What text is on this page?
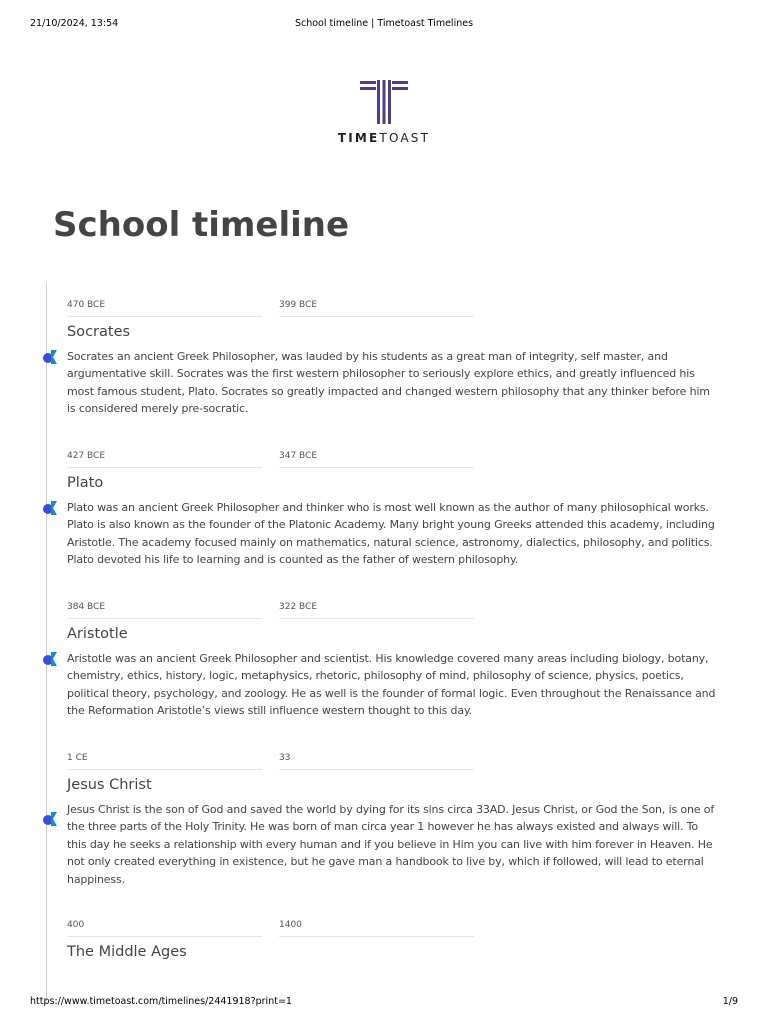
21/10/2024, 13:54	School timeline | Timetoast Timelines
TIMETOAST
School timeline
470 BCE	399 BCE
Socrates

Socrates an ancient Greek Philosopher, was lauded by his students as a great man of integrity, self master, and argumentative skill. Socrates was the first western philosopher to seriously explore ethics, and greatly influenced his most famous student, Plato. Socrates so greatly impacted and changed western philosophy that any thinker before him is considered merely pre-socratic.

427 BCE	347 BCE
Plato

Plato was an ancient Greek Philosopher and thinker who is most well known as the author of many philosophical works. Plato is also known as the founder of the Platonic Academy. Many bright young Greeks attended this academy, including Aristotle. The academy focused mainly on mathematics, natural science, astronomy, dialectics, philosophy, and politics. Plato devoted his life to learning and is counted as the father of western philosophy.

384 BCE	322 BCE
Aristotle

Aristotle was an ancient Greek Philosopher and scientist. His knowledge covered many areas including biology, botany, chemistry, ethics, history, logic, metaphysics, rhetoric, philosophy of mind, philosophy of science, physics, poetics, political theory, psychology, and zoology. He as well is the founder of formal logic. Even throughout the Renaissance and the Reformation Aristotle’s views still influence western thought to this day.

1 CE	33
Jesus Christ

Jesus Christ is the son of God and saved the world by dying for its sins circa 33AD. Jesus Christ, or God the Son, is one of the three parts of the Holy Trinity. He was born of man circa year 1 however he has always existed and always will. To this day he seeks a relationship with every human and if you believe in Him you can live with him forever in Heaven. He not only created everything in existence, but he gave man a handbook to live by, which if followed, will lead to eternal happiness.

400	1400
The Middle Ages
https://www.timetoast.com/timelines/2441918?print=1	1/9
